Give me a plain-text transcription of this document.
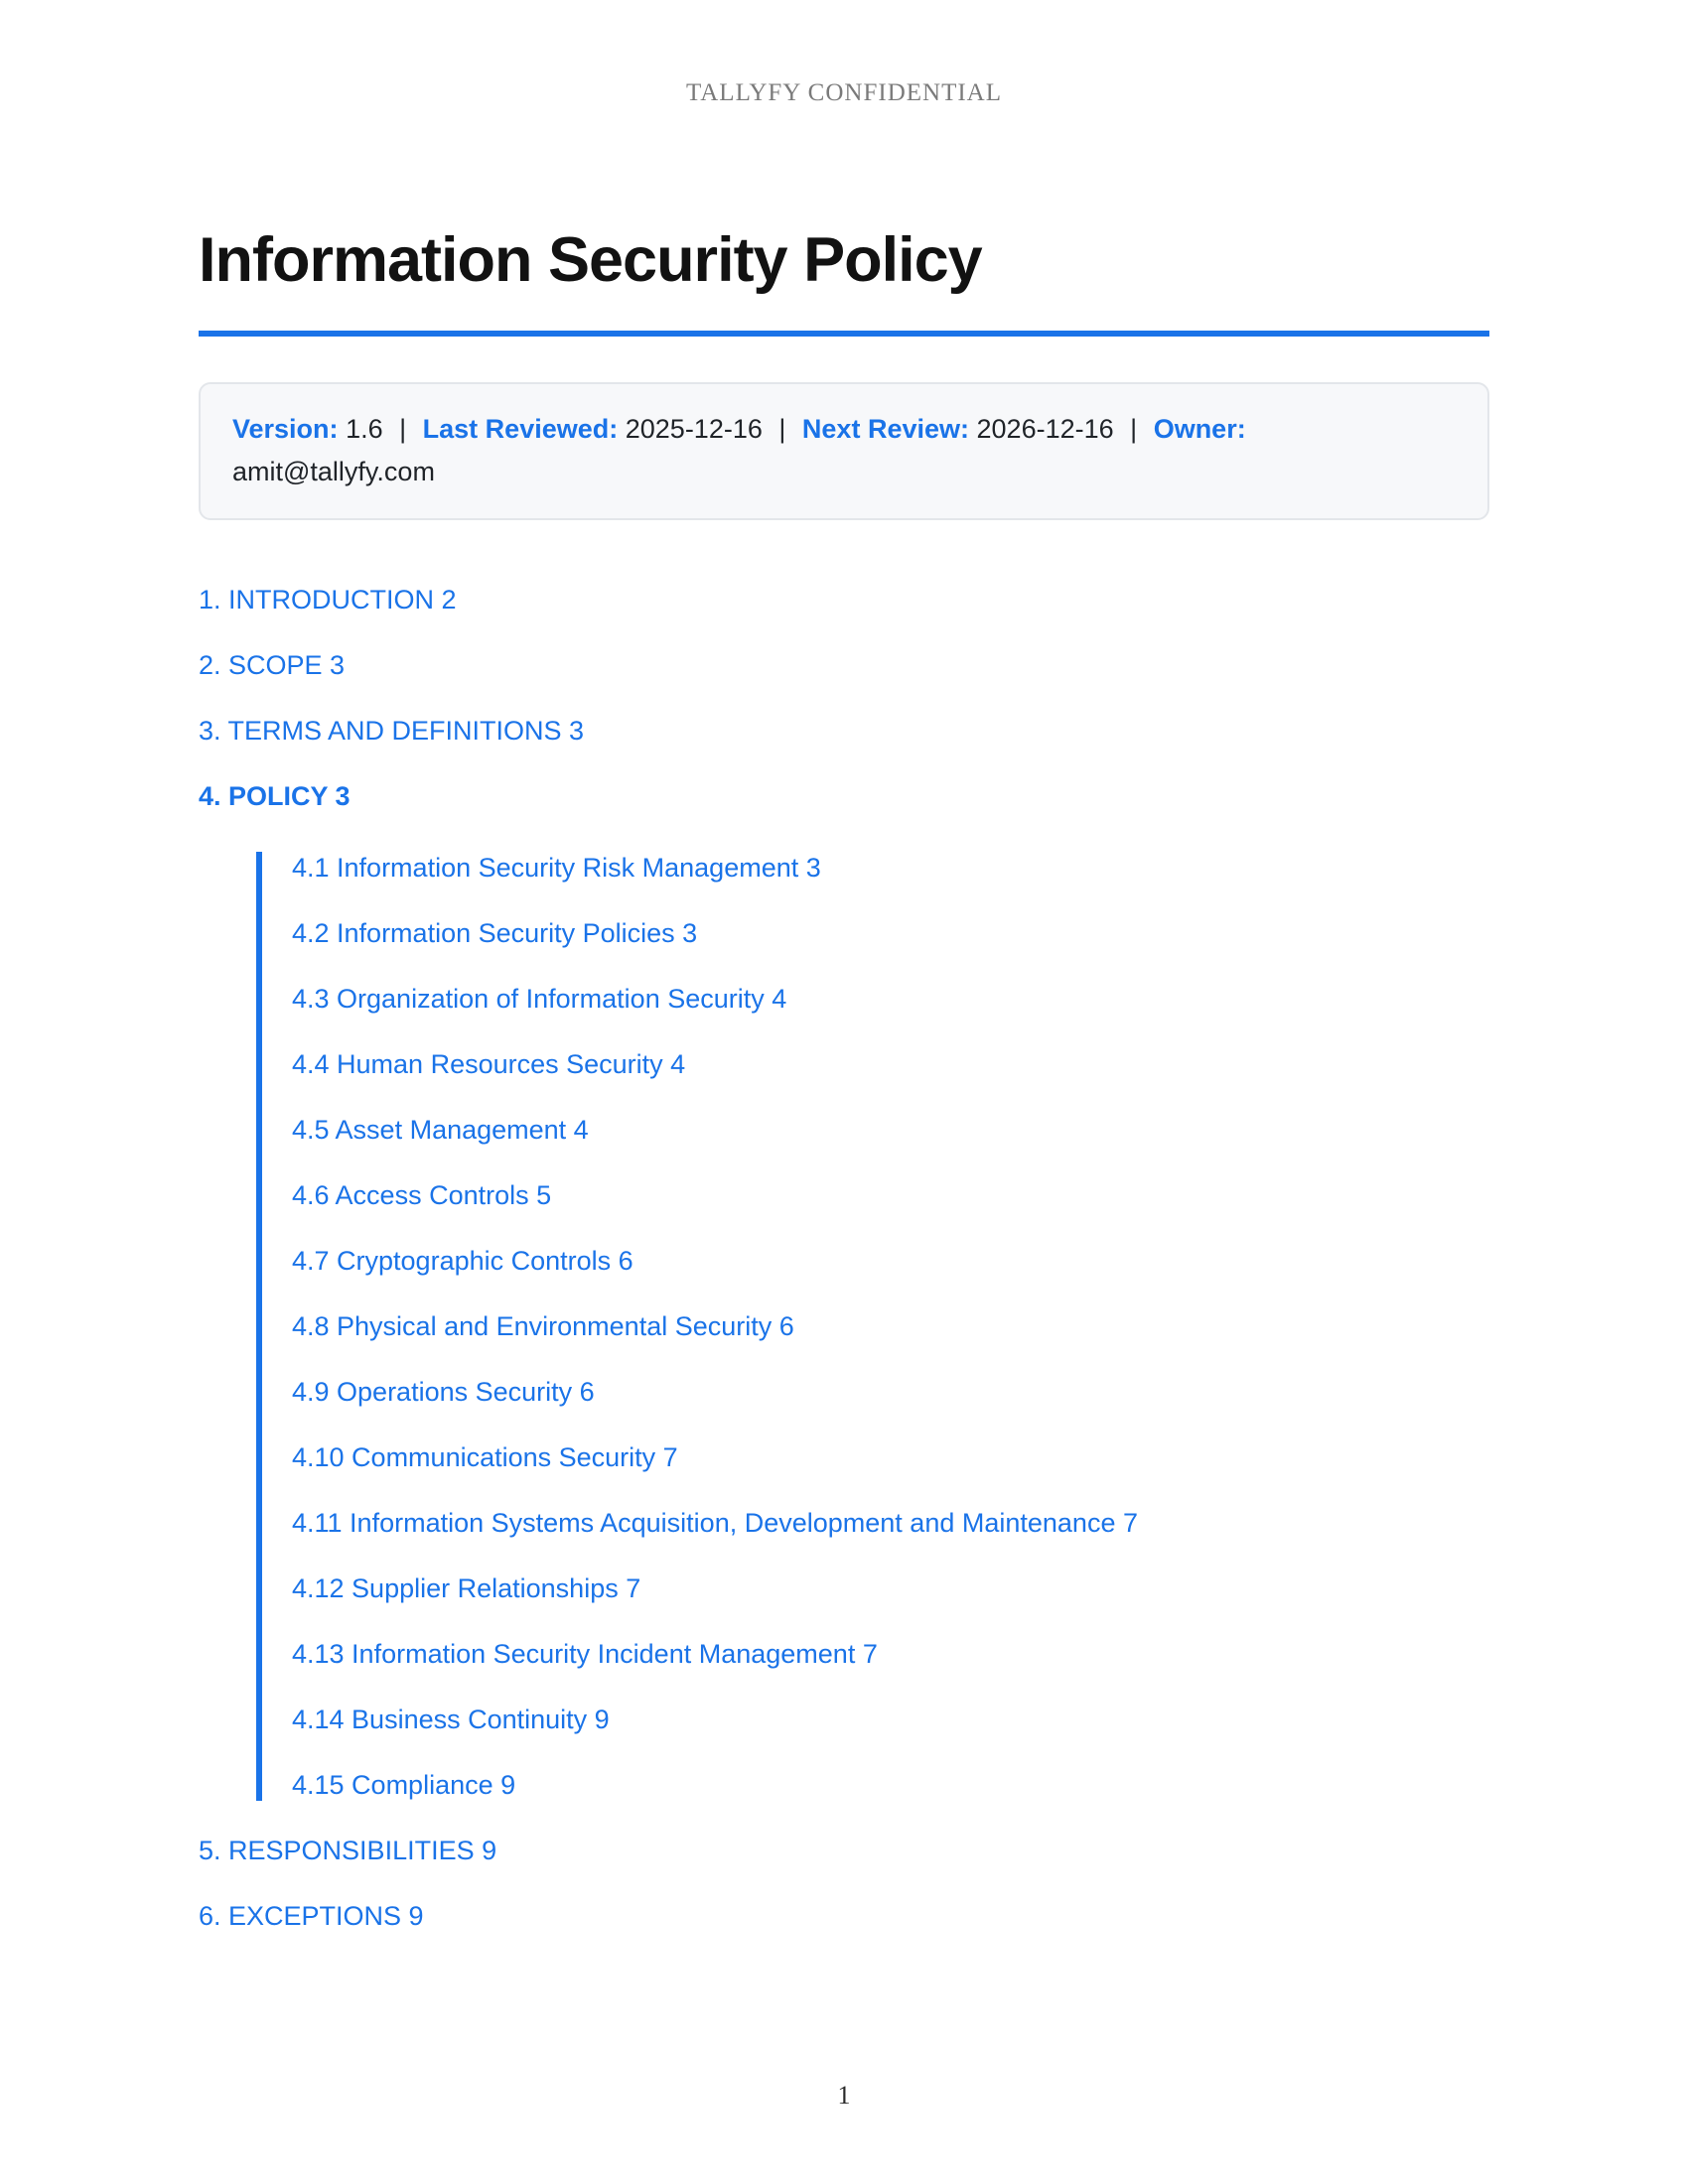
TALLYFY CONFIDENTIAL
Information Security Policy

Version: 1.6 | Last Reviewed: 2025-12-16 | Next Review: 2026-12-16 | Owner:

amit@tallyfy.com

1. INTRODUCTION 2
2. SCOPE 3
3. TERMS AND DEFINITIONS 3
4. POLICY 3
4.1 Information Security Risk Management 3
4.2 Information Security Policies 3
4.3 Organization of Information Security 4
4.4 Human Resources Security 4
4.5 Asset Management 4
4.6 Access Controls 5
4.7 Cryptographic Controls 6
4.8 Physical and Environmental Security 6
4.9 Operations Security 6
4.10 Communications Security 7
4.11 Information Systems Acquisition, Development and Maintenance 7
4.12 Supplier Relationships 7
4.13 Information Security Incident Management 7
4.14 Business Continuity 9
4.15 Compliance 9
5. RESPONSIBILITIES 9
6. EXCEPTIONS 9
1
